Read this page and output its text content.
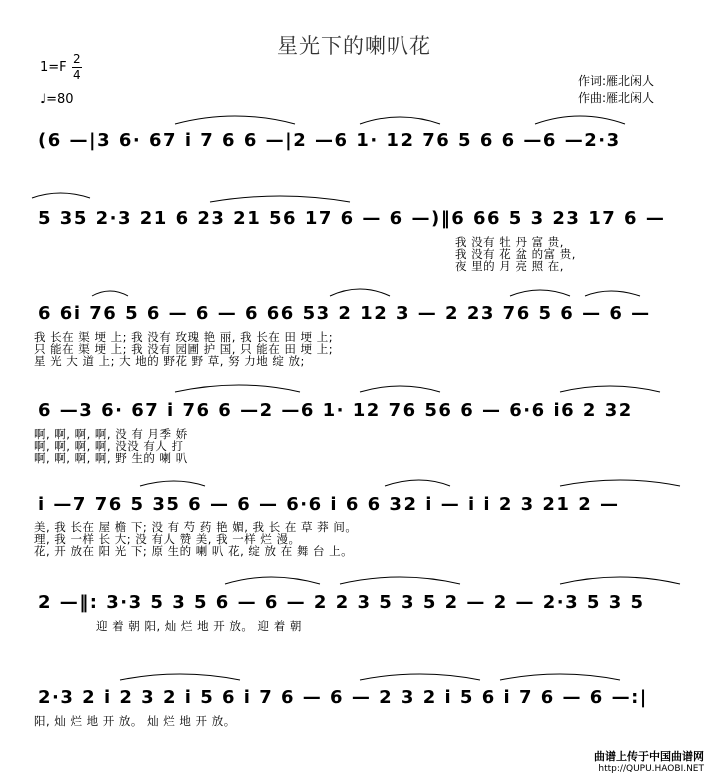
星光下的喇叭花
1=F
2
4
♩=80
作词:雁北闲人
作曲:雁北闲人
(6 —|3 6· 67 i 7 6 6 —|2 —6 1· 12 76 5 6 6 —6 —2·3
5 35 2·3 21 6 23 21 56 17 6 — 6 —)‖6 66 5 3 23 17 6 —
我 没有 牡 丹 富 贵,
我 没有 花 盆 的富 贵,
夜 里的 月 亮 照 在,
6 6i 76 5 6 — 6 — 6 66 53 2 12 3 — 2 23 76 5 6 — 6 —
我 长在 渠 埂 上; 我 没有 玫瑰 艳 丽, 我 长在 田 埂 上;
只 能在 渠 埂 上; 我 没有 园圃 护 国, 只 能在 田 埂 上;
星 光 大 道 上; 大 地的 野花 野 草, 努 力地 绽 放;
6 —3 6· 67 i 76 6 —2 —6 1· 12 76 56 6 — 6·6 i6 2 32
啊, 啊, 啊, 啊, 没 有 月季 娇
啊, 啊, 啊, 啊, 没没 有人 打
啊, 啊, 啊, 啊, 野 生的 喇 叭
i —7 76 5 35 6 — 6 — 6·6 i 6 6 32 i — i i 2 3 21 2 —
美, 我 长在 屋 檐 下; 没 有 芍 药 艳 媚, 我 长 在 草 莽 间。
理, 我 一样 长 大; 没 有人 赞 美, 我 一样 烂 漫。
花, 开 放在 阳 光 下; 原 生的 喇 叭 花, 绽 放 在 舞 台 上。
2 —‖: 3·3 5 3 5 6 — 6 — 2 2 3 5 3 5 2 — 2 — 2·3 5 3 5
迎 着 朝 阳, 灿 烂 地 开 放。 迎 着 朝
2·3 2 i 2 3 2 i 5 6 i 7 6 — 6 — 2 3 2 i 5 6 i 7 6 — 6 —:|
阳, 灿 烂 地 开 放。 灿 烂 地 开 放。
曲谱上传于中国曲谱网
http://QUPU.HAOBI.NET
